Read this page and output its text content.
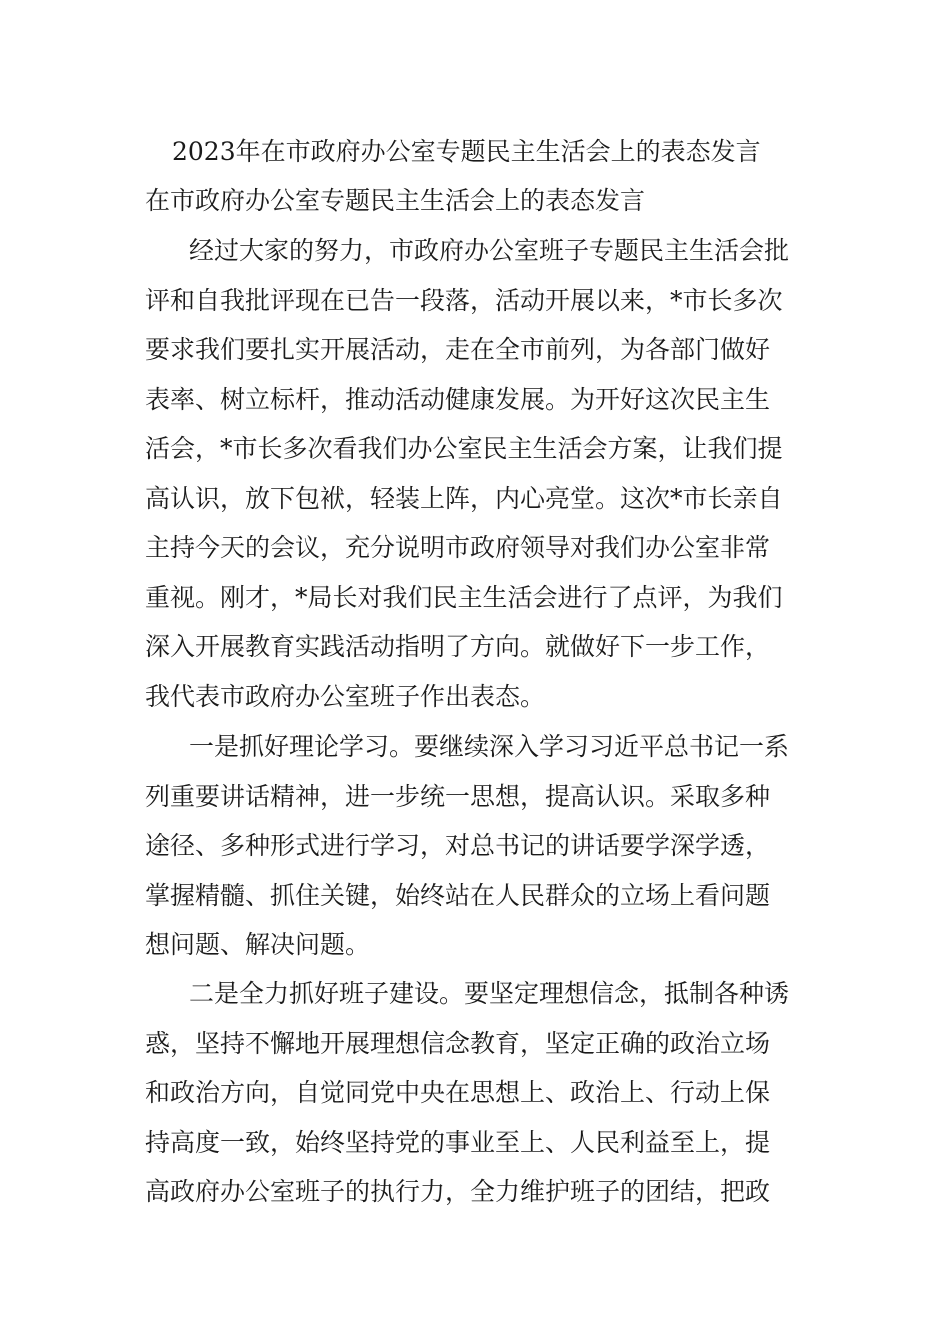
2023年在市政府办公室专题民主生活会上的表态发言
在市政府办公室专题民主生活会上的表态发言
经过大家的努力，市政府办公室班子专题民主生活会批
评和自我批评现在已告一段落，活动开展以来，*市长多次
要求我们要扎实开展活动，走在全市前列，为各部门做好
表率、树立标杆，推动活动健康发展。为开好这次民主生
活会，*市长多次看我们办公室民主生活会方案，让我们提
高认识，放下包袱，轻装上阵，内心亮堂。这次*市长亲自
主持今天的会议，充分说明市政府领导对我们办公室非常
重视。刚才，*局长对我们民主生活会进行了点评，为我们
深入开展教育实践活动指明了方向。就做好下一步工作，
我代表市政府办公室班子作出表态。
一是抓好理论学习。要继续深入学习习近平总书记一系
列重要讲话精神，进一步统一思想，提高认识。采取多种
途径、多种形式进行学习，对总书记的讲话要学深学透，
掌握精髓、抓住关键，始终站在人民群众的立场上看问题
想问题、解决问题。
二是全力抓好班子建设。要坚定理想信念，抵制各种诱
惑，坚持不懈地开展理想信念教育，坚定正确的政治立场
和政治方向，自觉同党中央在思想上、政治上、行动上保
持高度一致，始终坚持党的事业至上、人民利益至上，提
高政府办公室班子的执行力，全力维护班子的团结，把政
